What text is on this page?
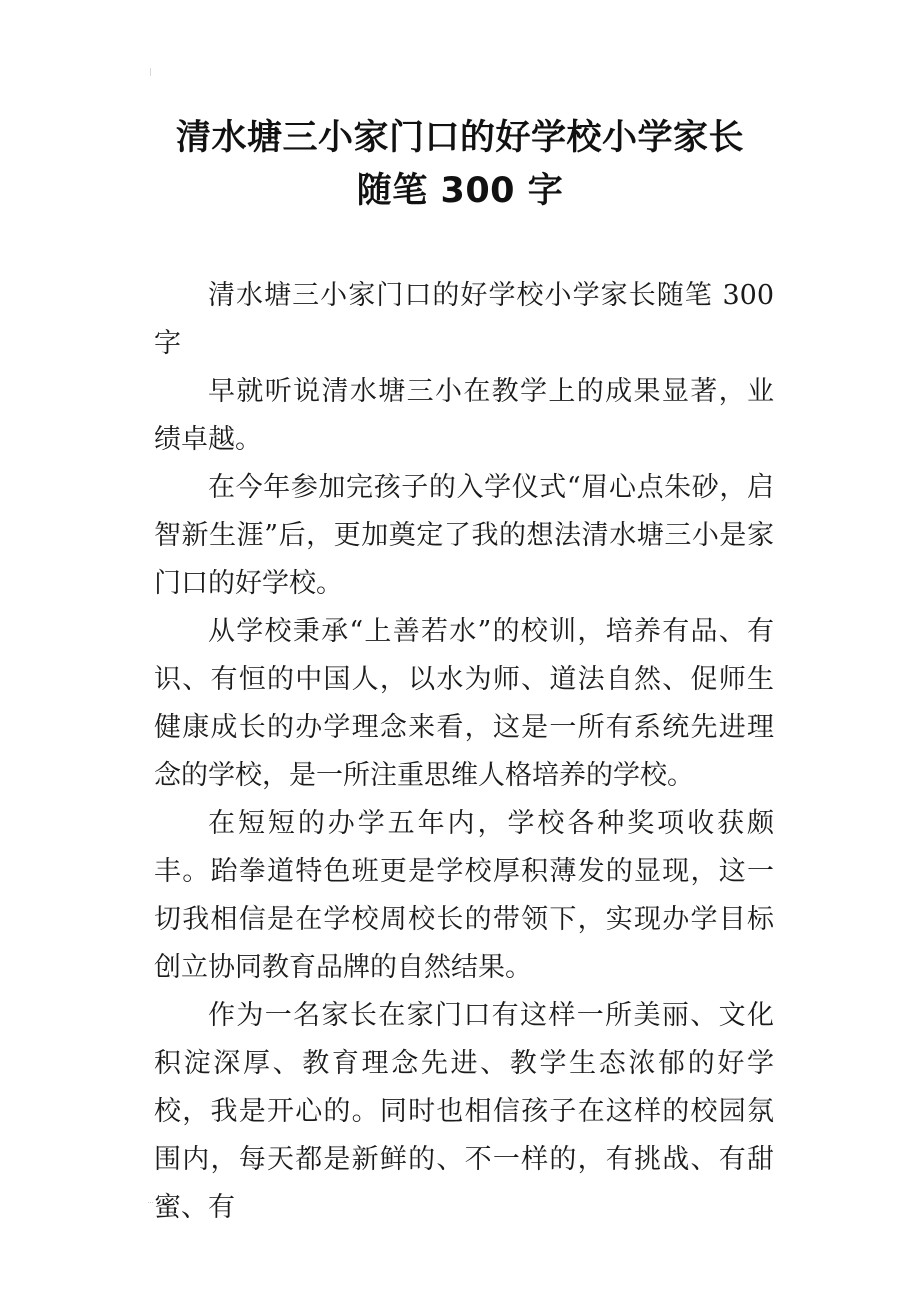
清水塘三小家门口的好学校小学家长
随笔 300 字

清水塘三小家门口的好学校小学家长随笔 300 字

早就听说清水塘三小在教学上的成果显著，业绩卓越。

在今年参加完孩子的入学仪式“眉心点朱砂，启智新生涯”后，更加奠定了我的想法清水塘三小是家门口的好学校。

从学校秉承“上善若水”的校训，培养有品、有识、有恒的中国人，以水为师、道法自然、促师生健康成长的办学理念来看，这是一所有系统先进理念的学校，是一所注重思维人格培养的学校。

在短短的办学五年内，学校各种奖项收获颇丰。跆拳道特色班更是学校厚积薄发的显现，这一切我相信是在学校周校长的带领下，实现办学目标创立协同教育品牌的自然结果。

作为一名家长在家门口有这样一所美丽、文化积淀深厚、教育理念先进、教学生态浓郁的好学校，我是开心的。同时也相信孩子在这样的校园氛围内，每天都是新鲜的、不一样的，有挑战、有甜蜜、有
